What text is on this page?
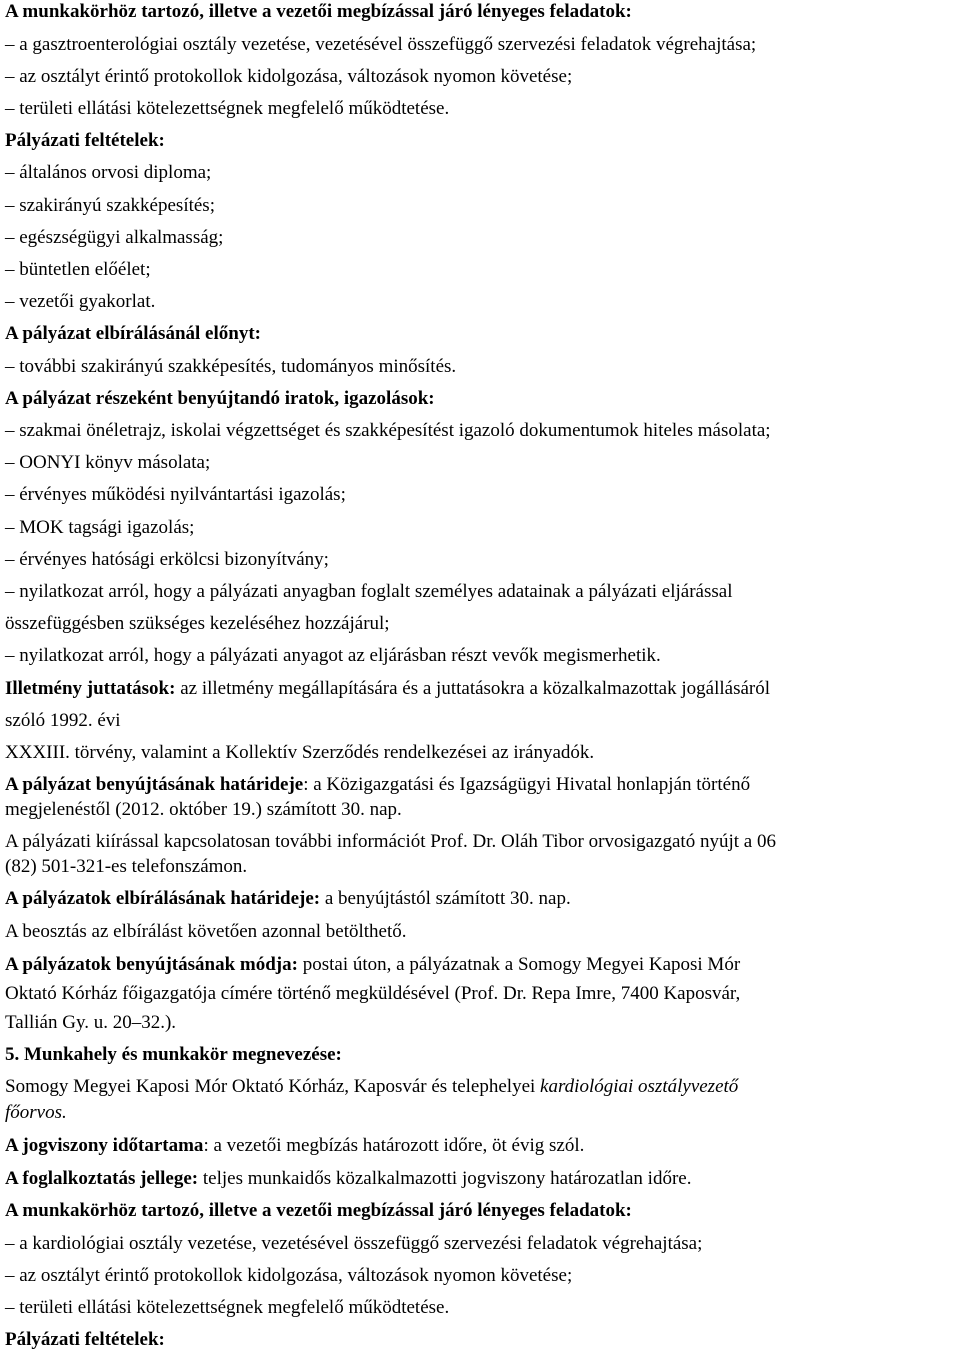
A munkakörhöz tartozó, illetve a vezetői megbízással járó lényeges feladatok:
– a gasztroenterológiai osztály vezetése, vezetésével összefüggő szervezési feladatok végrehajtása;
– az osztályt érintő protokollok kidolgozása, változások nyomon követése;
– területi ellátási kötelezettségnek megfelelő működtetése.
Pályázati feltételek:
– általános orvosi diploma;
– szakirányú szakképesítés;
– egészségügyi alkalmasság;
– büntetlen előélet;
– vezetői gyakorlat.
A pályázat elbírálásánál előnyt:
– további szakirányú szakképesítés, tudományos minősítés.
A pályázat részeként benyújtandó iratok, igazolások:
– szakmai önéletrajz, iskolai végzettséget és szakképesítést igazoló dokumentumok hiteles másolata;
– OONYI könyv másolata;
– érvényes működési nyilvántartási igazolás;
– MOK tagsági igazolás;
– érvényes hatósági erkölcsi bizonyítvány;
– nyilatkozat arról, hogy a pályázati anyagban foglalt személyes adatainak a pályázati eljárással
összefüggésben szükséges kezeléséhez hozzájárul;
– nyilatkozat arról, hogy a pályázati anyagot az eljárásban részt vevők megismerhetik.
Illetmény juttatások: az illetmény megállapítására és a juttatásokra a közalkalmazottak jogállásáról
szóló 1992. évi
XXXIII. törvény, valamint a Kollektív Szerződés rendelkezései az irányadók.
A pályázat benyújtásának határideje: a Közigazgatási és Igazságügyi Hivatal honlapján történő
megjelenéstől (2012. október 19.) számított 30. nap.
A pályázati kiírással kapcsolatosan további információt Prof. Dr. Oláh Tibor orvosigazgató nyújt a 06
(82) 501-321-es telefonszámon.
A pályázatok elbírálásának határideje: a benyújtástól számított 30. nap.
A beosztás az elbírálást követően azonnal betölthető.
A pályázatok benyújtásának módja: postai úton, a pályázatnak a Somogy Megyei Kaposi Mór
Oktató Kórház főigazgatója címére történő megküldésével (Prof. Dr. Repa Imre, 7400 Kaposvár,
Tallián Gy. u. 20–32.).
5. Munkahely és munkakör megnevezése:
Somogy Megyei Kaposi Mór Oktató Kórház, Kaposvár és telephelyei kardiológiai osztályvezető
főorvos.
A jogviszony időtartama: a vezetői megbízás határozott időre, öt évig szól.
A foglalkoztatás jellege: teljes munkaidős közalkalmazotti jogviszony határozatlan időre.
A munkakörhöz tartozó, illetve a vezetői megbízással járó lényeges feladatok:
– a kardiológiai osztály vezetése, vezetésével összefüggő szervezési feladatok végrehajtása;
– az osztályt érintő protokollok kidolgozása, változások nyomon követése;
– területi ellátási kötelezettségnek megfelelő működtetése.
Pályázati feltételek:
